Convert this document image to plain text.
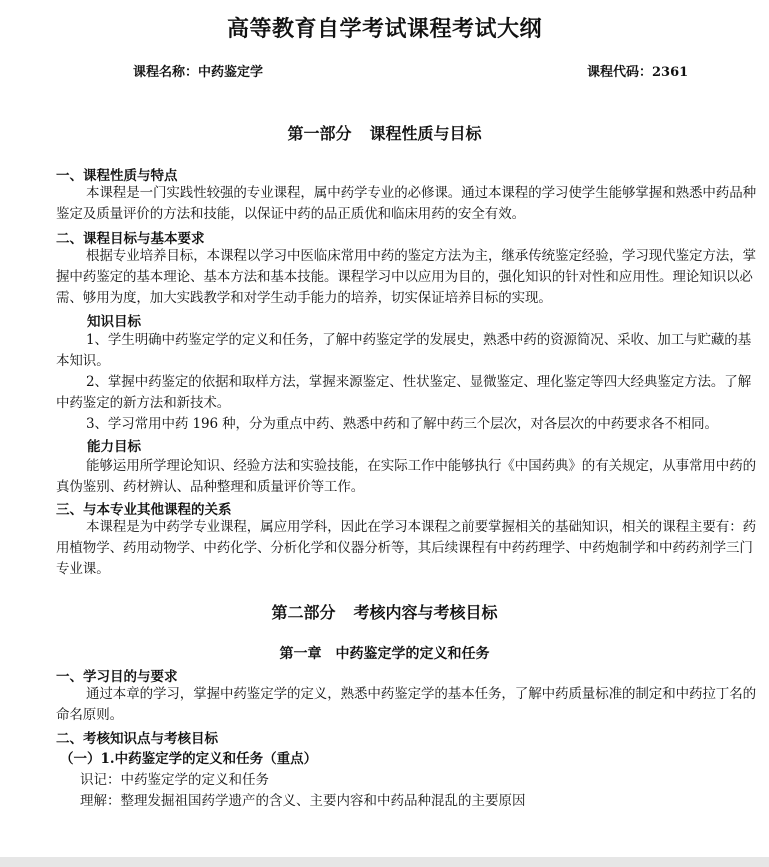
高等教育自学考试课程考试大纲
课程名称：中药鉴定学	课程代码：2361
第一部分 课程性质与目标
一、课程性质与特点
本课程是一门实践性较强的专业课程，属中药学专业的必修课。通过本课程的学习使学生能够掌握和熟悉中药品种鉴定及质量评价的方法和技能，以保证中药的品正质优和临床用药的安全有效。
二、课程目标与基本要求
根据专业培养目标，本课程以学习中医临床常用中药的鉴定方法为主，继承传统鉴定经验，学习现代鉴定方法，掌握中药鉴定的基本理论、基本方法和基本技能。课程学习中以应用为目的，强化知识的针对性和应用性。理论知识以必需、够用为度，加大实践教学和对学生动手能力的培养，切实保证培养目标的实现。
知识目标
1、学生明确中药鉴定学的定义和任务，了解中药鉴定学的发展史，熟悉中药的资源简况、采收、加工与贮藏的基本知识。
2、掌握中药鉴定的依据和取样方法，掌握来源鉴定、性状鉴定、显微鉴定、理化鉴定等四大经典鉴定方法。了解中药鉴定的新方法和新技术。
3、学习常用中药 196 种，分为重点中药、熟悉中药和了解中药三个层次，对各层次的中药要求各不相同。
能力目标
能够运用所学理论知识、经验方法和实验技能，在实际工作中能够执行《中国药典》的有关规定，从事常用中药的真伪鉴别、药材辨认、品种整理和质量评价等工作。
三、与本专业其他课程的关系
本课程是为中药学专业课程，属应用学科，因此在学习本课程之前要掌握相关的基础知识，相关的课程主要有：药用植物学、药用动物学、中药化学、分析化学和仪器分析等，其后续课程有中药药理学、中药炮制学和中药药剂学三门专业课。
第二部分 考核内容与考核目标
第一章 中药鉴定学的定义和任务
一、学习目的与要求
通过本章的学习，掌握中药鉴定学的定义，熟悉中药鉴定学的基本任务，了解中药质量标准的制定和中药拉丁名的命名原则。
二、考核知识点与考核目标
（一）1.中药鉴定学的定义和任务（重点）
识记：中药鉴定学的定义和任务
理解：整理发掘祖国药学遗产的含义、主要内容和中药品种混乱的主要原因
